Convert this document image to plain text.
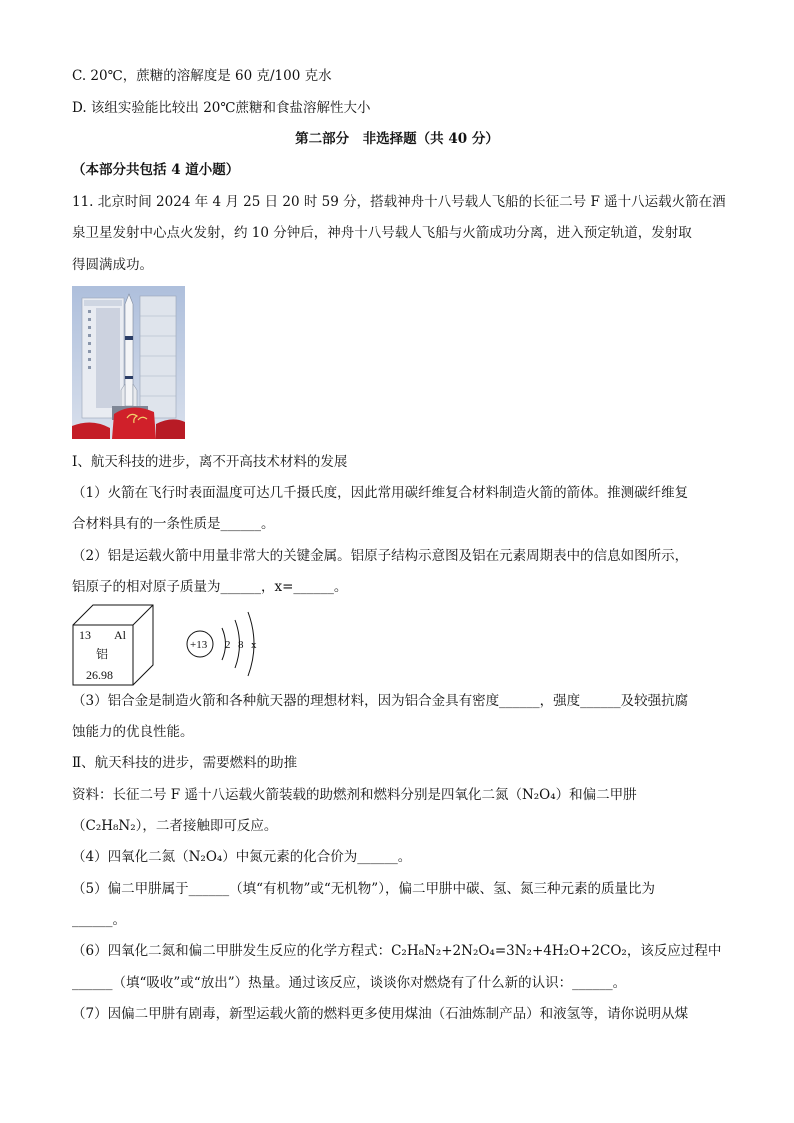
C. 20℃，蔗糖的溶解度是 60 克/100 克水
D. 该组实验能比较出 20℃蔗糖和食盐溶解性大小
第二部分　非选择题（共 40 分）
（本部分共包括 4 道小题）
11. 北京时间 2024 年 4 月 25 日 20 时 59 分，搭载神舟十八号载人飞船的长征二号 F 遥十八运载火箭在酒
泉卫星发射中心点火发射，约 10 分钟后，神舟十八号载人飞船与火箭成功分离，进入预定轨道，发射取
得圆满成功。
Ⅰ、航天科技的进步，离不开高技术材料的发展
（1）火箭在飞行时表面温度可达几千摄氏度，因此常用碳纤维复合材料制造火箭的箭体。推测碳纤维复
合材料具有的一条性质是______。
（2）铝是运载火箭中用量非常大的关键金属。铝原子结构示意图及铝在元素周期表中的信息如图所示，
铝原子的相对原子质量为______，x=______。
13 Al
铝
26.98
+13 2 8 x
（3）铝合金是制造火箭和各种航天器的理想材料，因为铝合金具有密度______，强度______及较强抗腐
蚀能力的优良性能。
Ⅱ、航天科技的进步，需要燃料的助推
资料：长征二号 F 遥十八运载火箭装载的助燃剂和燃料分别是四氧化二氮（N₂O₄）和偏二甲肼
（C₂H₈N₂），二者接触即可反应。
（4）四氧化二氮（N₂O₄）中氮元素的化合价为______。
（5）偏二甲肼属于______（填“有机物”或“无机物”），偏二甲肼中碳、氢、氮三种元素的质量比为
______。
（6）四氧化二氮和偏二甲肼发生反应的化学方程式：C₂H₈N₂+2N₂O₄=3N₂+4H₂O+2CO₂，该反应过程中
______（填“吸收”或“放出”）热量。通过该反应，谈谈你对燃烧有了什么新的认识：______。
（7）因偏二甲肼有剧毒，新型运载火箭的燃料更多使用煤油（石油炼制产品）和液氢等，请你说明从煤
